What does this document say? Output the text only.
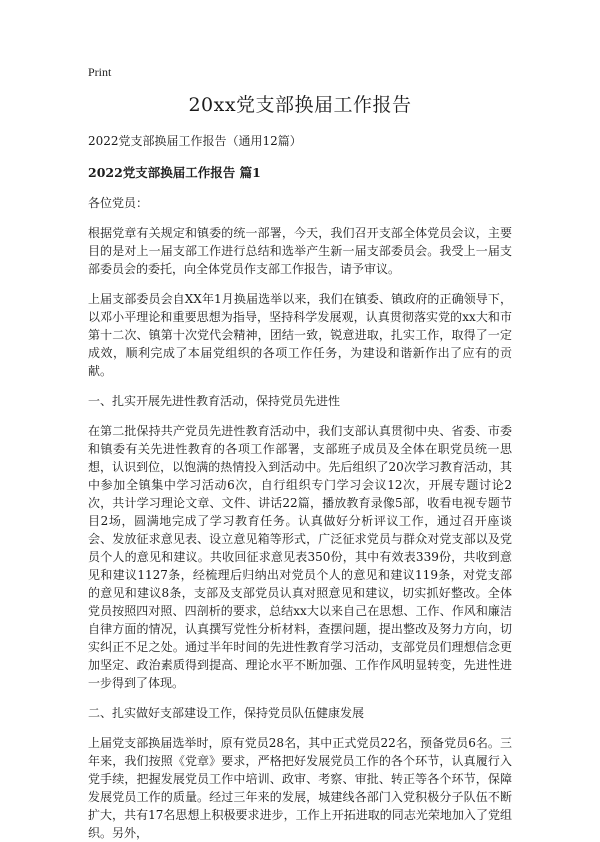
Print
20xx党支部换届工作报告
2022党支部换届工作报告（通用12篇）
2022党支部换届工作报告 篇1
各位党员：

根据党章有关规定和镇委的统一部署，今天，我们召开支部全体党员会议，主要目的是对上一届支部工作进行总结和选举产生新一届支部委员会。我受上一届支部委员会的委托，向全体党员作支部工作报告，请予审议。

上届支部委员会自XX年1月换届选举以来，我们在镇委、镇政府的正确领导下，以邓小平理论和重要思想为指导，坚持科学发展观，认真贯彻落实党的xx大和市第十二次、镇第十次党代会精神，团结一致，锐意进取，扎实工作，取得了一定成效，顺利完成了本届党组织的各项工作任务，为建设和谐新作出了应有的贡献。

一、扎实开展先进性教育活动，保持党员先进性

在第二批保持共产党员先进性教育活动中，我们支部认真贯彻中央、省委、市委和镇委有关先进性教育的各项工作部署，支部班子成员及全体在职党员统一思想，认识到位，以饱满的热情投入到活动中。先后组织了20次学习教育活动，其中参加全镇集中学习活动6次，自行组织专门学习会议12次，开展专题讨论2次，共计学习理论文章、文件、讲话22篇，播放教育录像5部，收看电视专题节目2场，圆满地完成了学习教育任务。认真做好分析评议工作，通过召开座谈会、发放征求意见表、设立意见箱等形式，广泛征求党员与群众对党支部以及党员个人的意见和建议。共收回征求意见表350份，其中有效表339份，共收到意见和建议1127条，经梳理后归纳出对党员个人的意见和建议119条，对党支部的意见和建议8条，支部及支部党员认真对照意见和建议，切实抓好整改。全体党员按照四对照、四剖析的要求，总结xx大以来自己在思想、工作、作风和廉洁自律方面的情况，认真撰写党性分析材料，查摆问题，提出整改及努力方向，切实纠正不足之处。通过半年时间的先进性教育学习活动，支部党员们理想信念更加坚定、政治素质得到提高、理论水平不断加强、工作作风明显转变，先进性进一步得到了体现。

二、扎实做好支部建设工作，保持党员队伍健康发展

上届党支部换届选举时，原有党员28名，其中正式党员22名，预备党员6名。三年来，我们按照《党章》要求，严格把好发展党员工作的各个环节，认真履行入党手续，把握发展党员工作中培训、政审、考察、审批、转正等各个环节，保障发展党员工作的质量。经过三年来的发展，城建线各部门入党积极分子队伍不断扩大，共有17名思想上积极要求进步，工作上开拓进取的同志光荣地加入了党组织。另外，
